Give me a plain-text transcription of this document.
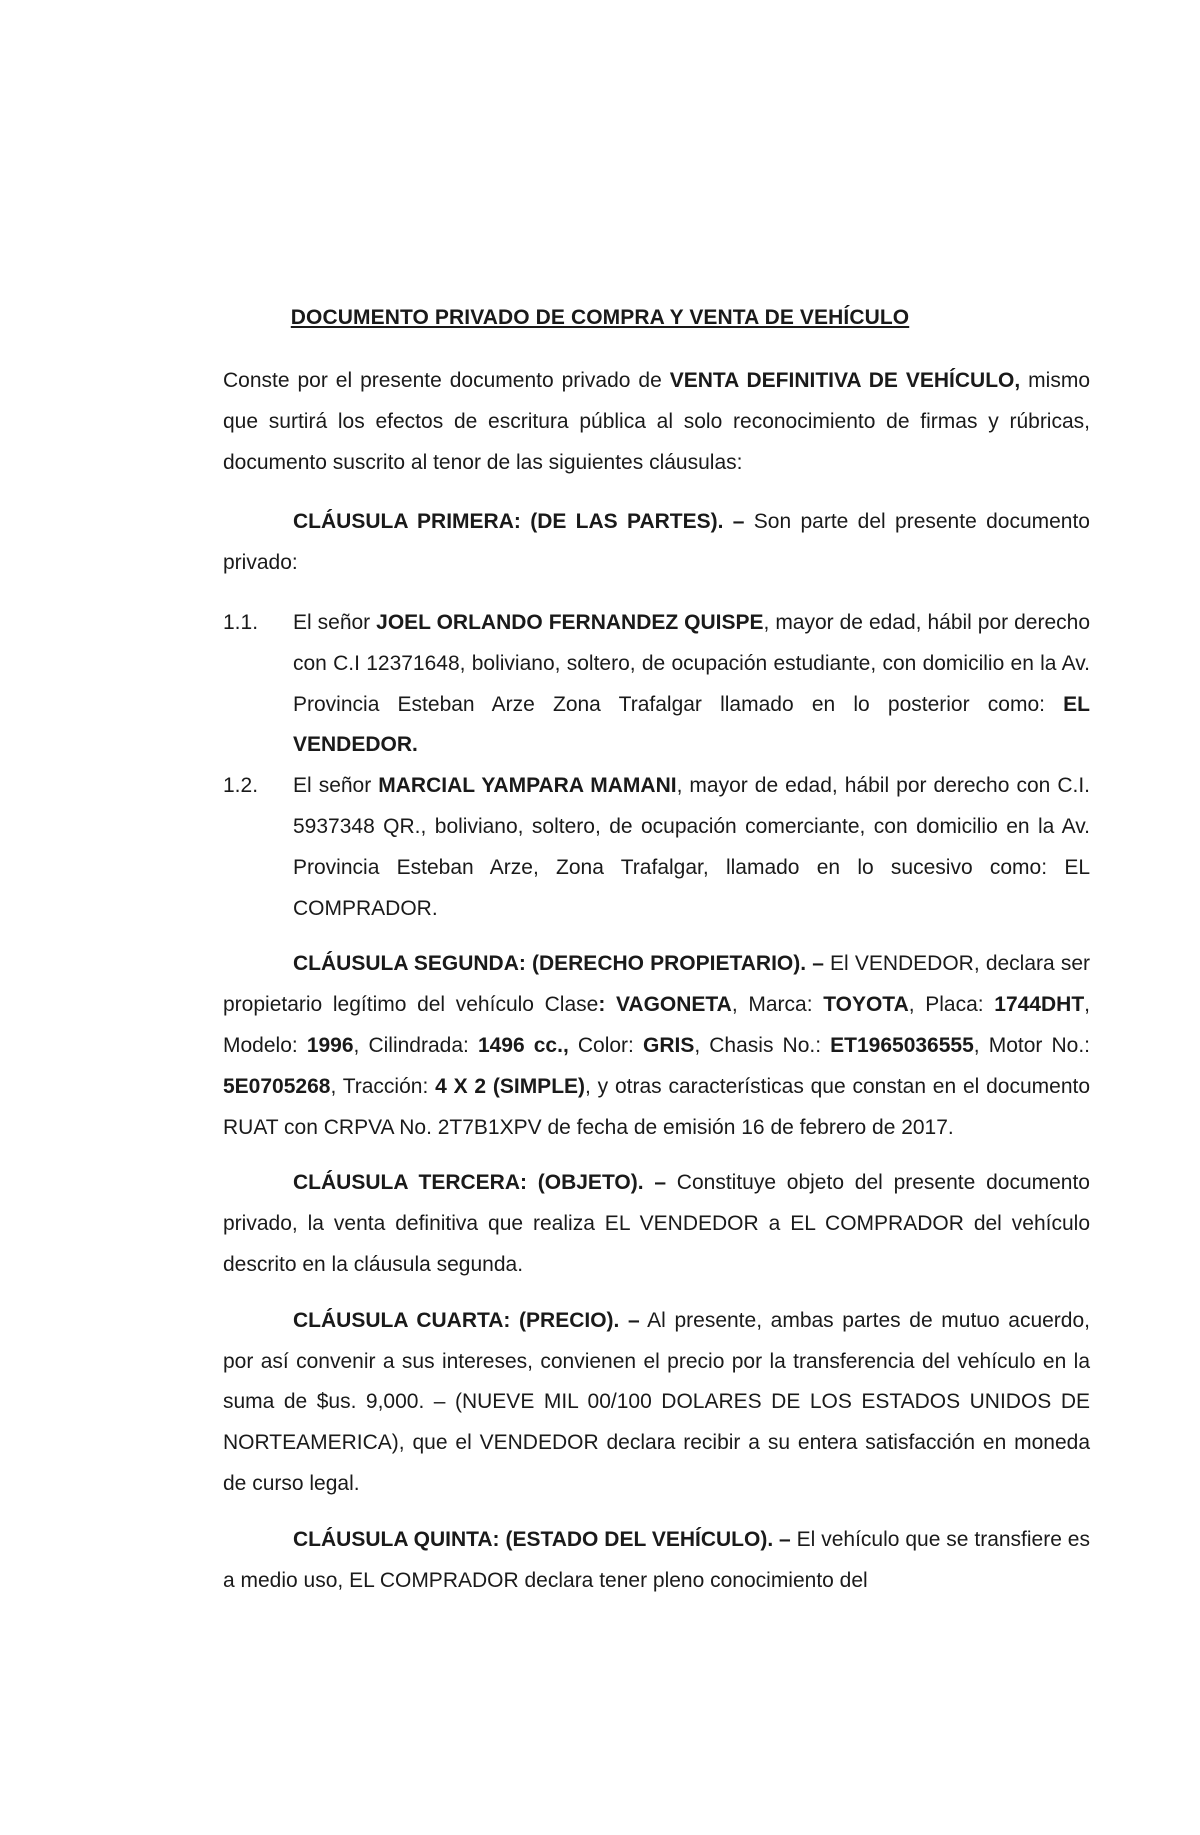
DOCUMENTO PRIVADO DE COMPRA Y VENTA DE VEHÍCULO

Conste por el presente documento privado de VENTA DEFINITIVA DE VEHÍCULO, mismo que surtirá los efectos de escritura pública al solo reconocimiento de firmas y rúbricas, documento suscrito al tenor de las siguientes cláusulas:

CLÁUSULA PRIMERA: (DE LAS PARTES). – Son parte del presente documento privado:

1.1.	El señor JOEL ORLANDO FERNANDEZ QUISPE, mayor de edad, hábil por derecho con C.I 12371648, boliviano, soltero, de ocupación estudiante, con domicilio en la Av. Provincia Esteban Arze Zona Trafalgar llamado en lo posterior como: EL VENDEDOR.
1.2.	El señor MARCIAL YAMPARA MAMANI, mayor de edad, hábil por derecho con C.I. 5937348 QR., boliviano, soltero, de ocupación comerciante, con domicilio en la Av. Provincia Esteban Arze, Zona Trafalgar, llamado en lo sucesivo como: EL COMPRADOR.

CLÁUSULA SEGUNDA: (DERECHO PROPIETARIO). – El VENDEDOR, declara ser propietario legítimo del vehículo Clase: VAGONETA, Marca: TOYOTA, Placa: 1744DHT, Modelo: 1996, Cilindrada: 1496 cc., Color: GRIS, Chasis No.: ET1965036555, Motor No.: 5E0705268, Tracción: 4 X 2 (SIMPLE), y otras características que constan en el documento RUAT con CRPVA No. 2T7B1XPV de fecha de emisión 16 de febrero de 2017.

CLÁUSULA TERCERA: (OBJETO). – Constituye objeto del presente documento privado, la venta definitiva que realiza EL VENDEDOR a EL COMPRADOR del vehículo descrito en la cláusula segunda.

CLÁUSULA CUARTA: (PRECIO). – Al presente, ambas partes de mutuo acuerdo, por así convenir a sus intereses, convienen el precio por la transferencia del vehículo en la suma de $us. 9,000. – (NUEVE MIL 00/100 DOLARES DE LOS ESTADOS UNIDOS DE NORTEAMERICA), que el VENDEDOR declara recibir a su entera satisfacción en moneda de curso legal.

CLÁUSULA QUINTA: (ESTADO DEL VEHÍCULO). – El vehículo que se transfiere es a medio uso, EL COMPRADOR declara tener pleno conocimiento del
